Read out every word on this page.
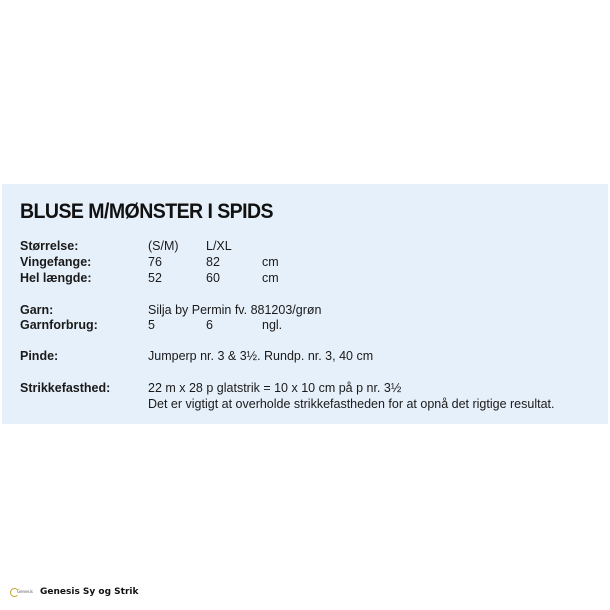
BLUSE M/MØNSTER I SPIDS
Størrelse:	(S/M) L/XL
Vingefange:	76	82	cm
Hel længde:	52	60	cm
Garn:	Silja by Permin fv. 881203/grøn
Garnforbrug:	5	6	ngl.
Pinde:	Jumperp nr. 3 & 3½. Rundp. nr. 3, 40 cm
Strikkefasthed:	22 m x 28 p glatstrik = 10 x 10 cm på p nr. 3½
Det er vigtigt at overholde strikkefastheden for at opnå det rigtige resultat.
Genesis Genesis Sy og Strik
